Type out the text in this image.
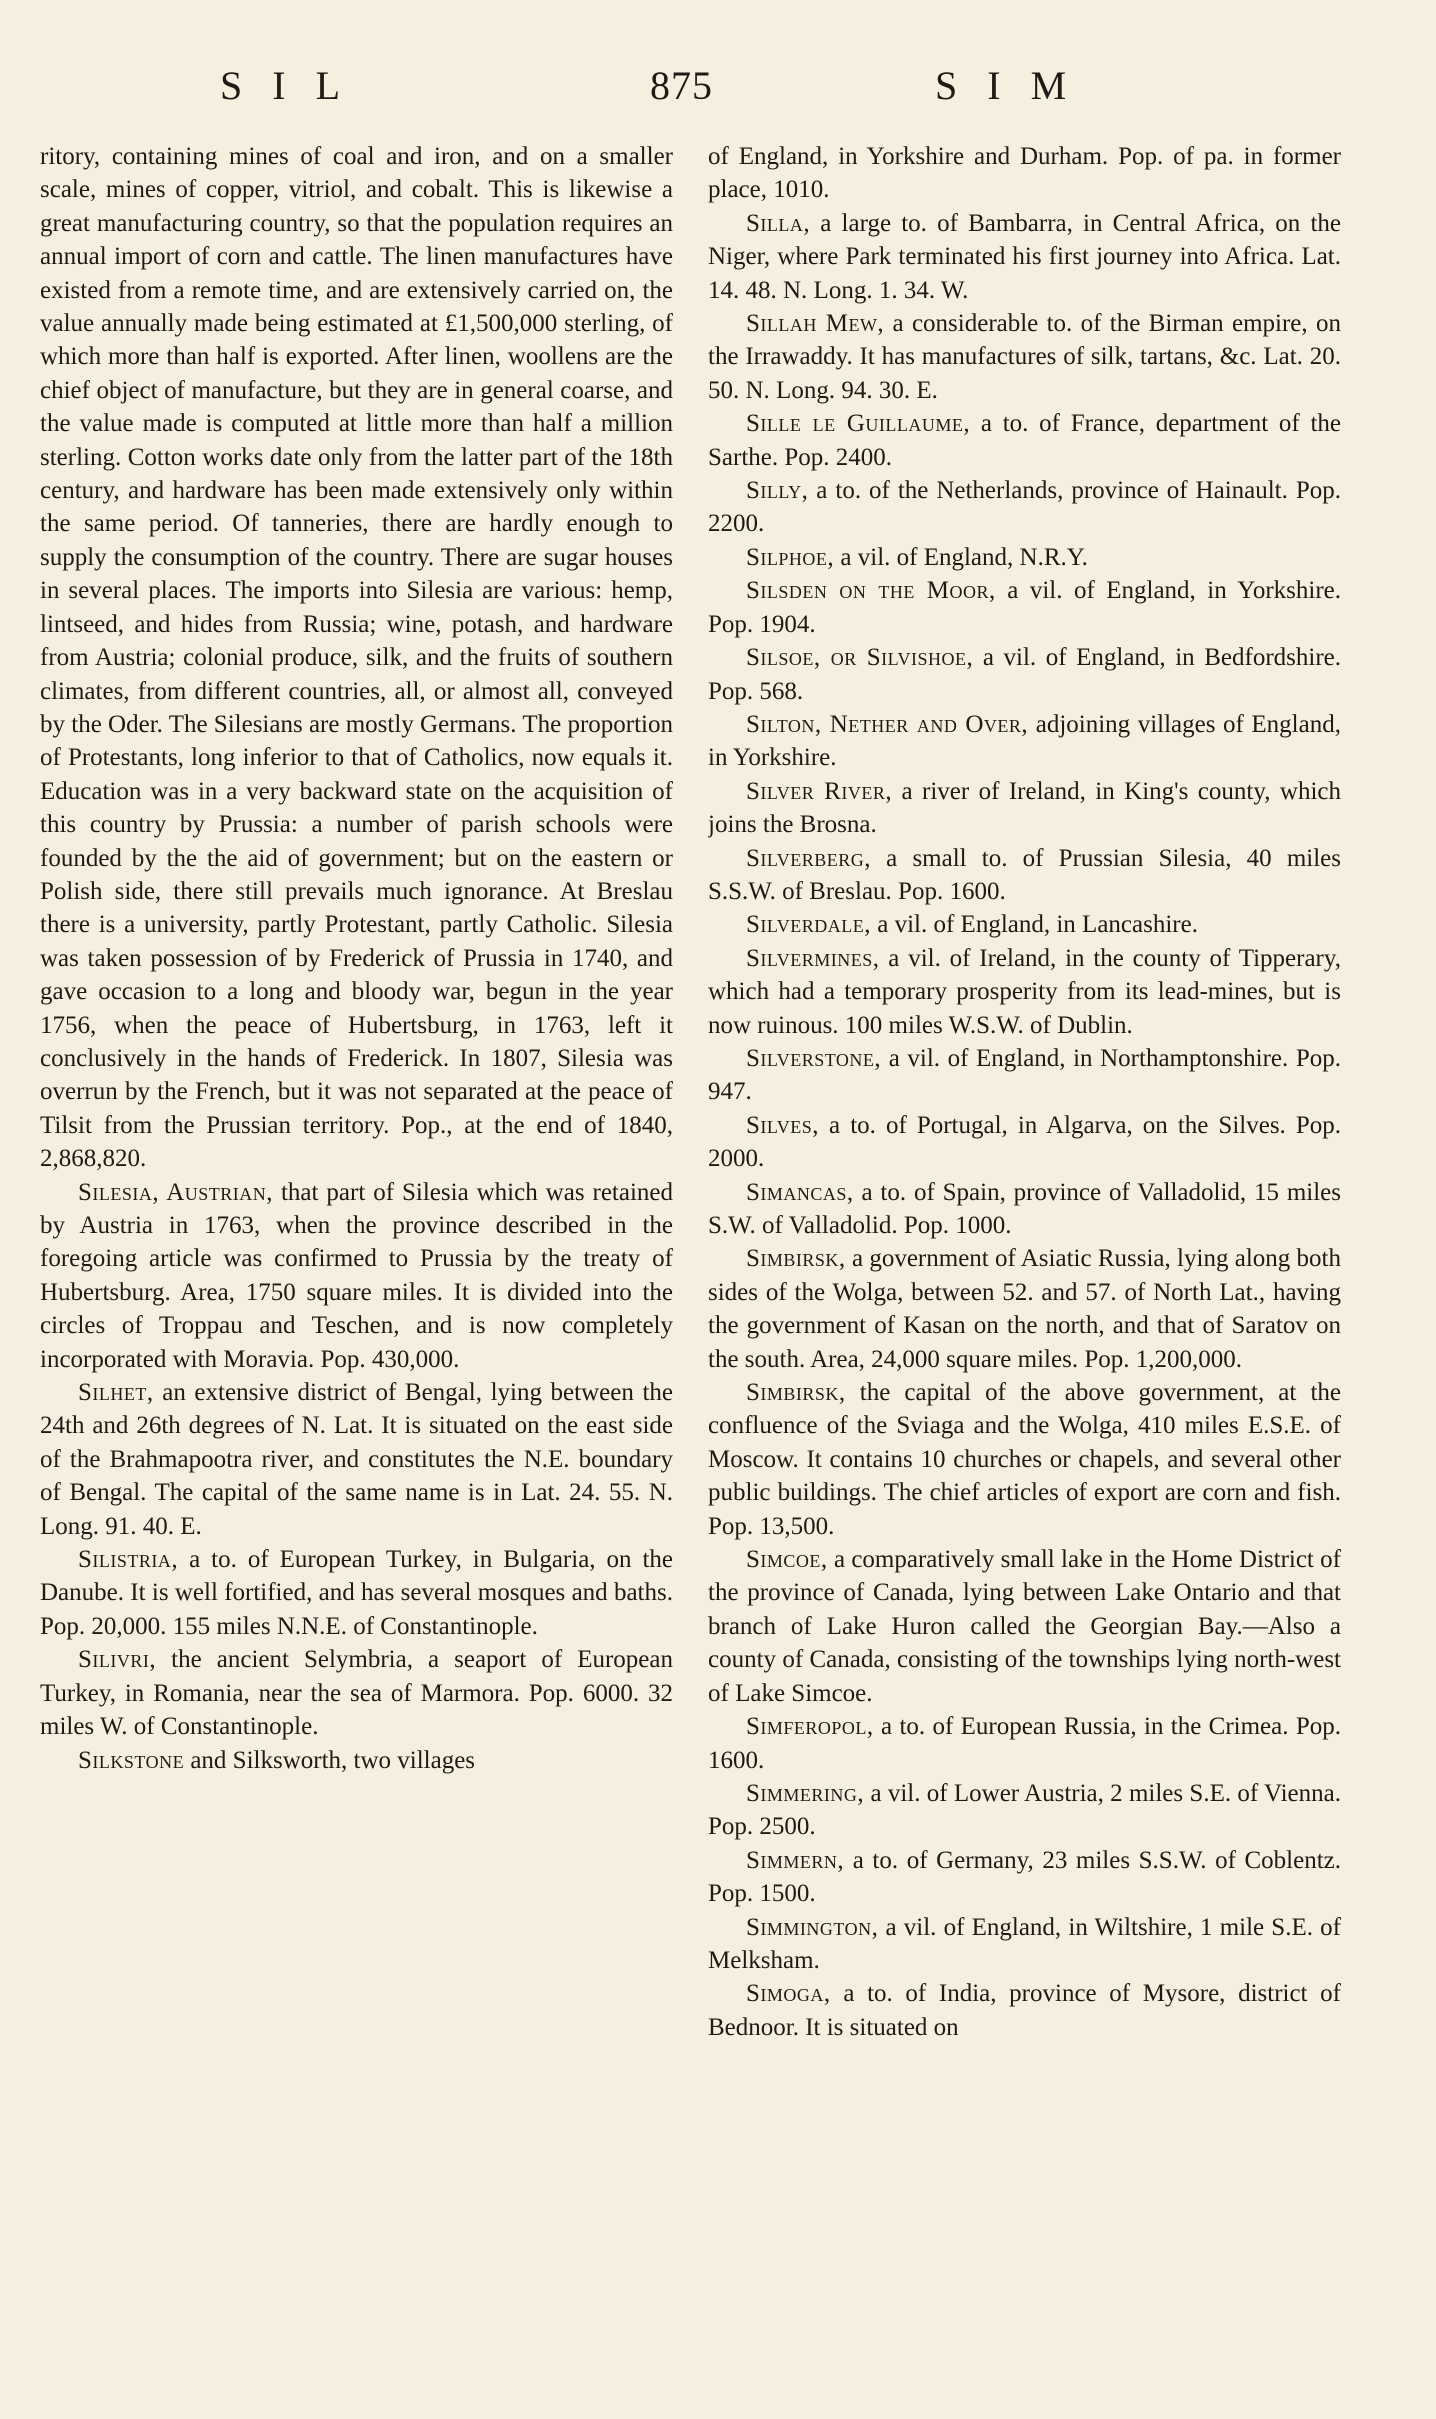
SIL	875	SIM

ritory, containing mines of coal and iron, and on a smaller scale, mines of copper, vitriol, and cobalt. This is likewise a great manufacturing country, so that the population requires an annual import of corn and cattle. The linen manufactures have existed from a remote time, and are extensively carried on, the value annually made being estimated at £1,500,000 sterling, of which more than half is exported. After linen, woollens are the chief object of manufacture, but they are in general coarse, and the value made is computed at little more than half a million sterling. Cotton works date only from the latter part of the 18th century, and hardware has been made extensively only within the same period. Of tanneries, there are hardly enough to supply the consumption of the country. There are sugar houses in several places. The imports into Silesia are various: hemp, lintseed, and hides from Russia; wine, potash, and hardware from Austria; colonial produce, silk, and the fruits of southern climates, from different countries, all, or almost all, conveyed by the Oder. The Silesians are mostly Germans. The proportion of Protestants, long inferior to that of Catholics, now equals it. Education was in a very backward state on the acquisition of this country by Prussia: a number of parish schools were founded by the the aid of government; but on the eastern or Polish side, there still prevails much ignorance. At Breslau there is a university, partly Protestant, partly Catholic. Silesia was taken possession of by Frederick of Prussia in 1740, and gave occasion to a long and bloody war, begun in the year 1756, when the peace of Hubertsburg, in 1763, left it conclusively in the hands of Frederick. In 1807, Silesia was overrun by the French, but it was not separated at the peace of Tilsit from the Prussian territory. Pop., at the end of 1840, 2,868,820.

Silesia, Austrian, that part of Silesia which was retained by Austria in 1763, when the province described in the foregoing article was confirmed to Prussia by the treaty of Hubertsburg. Area, 1750 square miles. It is divided into the circles of Troppau and Teschen, and is now completely incorporated with Moravia. Pop. 430,000.

Silhet, an extensive district of Bengal, lying between the 24th and 26th degrees of N. Lat. It is situated on the east side of the Brahmapootra river, and constitutes the N.E. boundary of Bengal. The capital of the same name is in Lat. 24. 55. N. Long. 91. 40. E.

Silistria, a to. of European Turkey, in Bulgaria, on the Danube. It is well fortified, and has several mosques and baths. Pop. 20,000. 155 miles N.N.E. of Constantinople.

Silivri, the ancient Selymbria, a seaport of European Turkey, in Romania, near the sea of Marmora. Pop. 6000. 32 miles W. of Constantinople.

Silkstone and Silksworth, two villages

of England, in Yorkshire and Durham. Pop. of pa. in former place, 1010.

Silla, a large to. of Bambarra, in Central Africa, on the Niger, where Park terminated his first journey into Africa. Lat. 14. 48. N. Long. 1. 34. W.

Sillah Mew, a considerable to. of the Birman empire, on the Irrawaddy. It has manufactures of silk, tartans, &c. Lat. 20. 50. N. Long. 94. 30. E.

Sille le Guillaume, a to. of France, department of the Sarthe. Pop. 2400.

Silly, a to. of the Netherlands, province of Hainault. Pop. 2200.

Silphoe, a vil. of England, N.R.Y.

Silsden on the Moor, a vil. of England, in Yorkshire. Pop. 1904.

Silsoe, or Silvishoe, a vil. of England, in Bedfordshire. Pop. 568.

Silton, Nether and Over, adjoining villages of England, in Yorkshire.

Silver River, a river of Ireland, in King's county, which joins the Brosna.

Silverberg, a small to. of Prussian Silesia, 40 miles S.S.W. of Breslau. Pop. 1600.

Silverdale, a vil. of England, in Lancashire.

Silvermines, a vil. of Ireland, in the county of Tipperary, which had a temporary prosperity from its lead-mines, but is now ruinous. 100 miles W.S.W. of Dublin.

Silverstone, a vil. of England, in Northamptonshire. Pop. 947.

Silves, a to. of Portugal, in Algarva, on the Silves. Pop. 2000.

Simancas, a to. of Spain, province of Valladolid, 15 miles S.W. of Valladolid. Pop. 1000.

Simbirsk, a government of Asiatic Russia, lying along both sides of the Wolga, between 52. and 57. of North Lat., having the government of Kasan on the north, and that of Saratov on the south. Area, 24,000 square miles. Pop. 1,200,000.

Simbirsk, the capital of the above government, at the confluence of the Sviaga and the Wolga, 410 miles E.S.E. of Moscow. It contains 10 churches or chapels, and several other public buildings. The chief articles of export are corn and fish. Pop. 13,500.

Simcoe, a comparatively small lake in the Home District of the province of Canada, lying between Lake Ontario and that branch of Lake Huron called the Georgian Bay.—Also a county of Canada, consisting of the townships lying north-west of Lake Simcoe.

Simferopol, a to. of European Russia, in the Crimea. Pop. 1600.

Simmering, a vil. of Lower Austria, 2 miles S.E. of Vienna. Pop. 2500.

Simmern, a to. of Germany, 23 miles S.S.W. of Coblentz. Pop. 1500.

Simmington, a vil. of England, in Wiltshire, 1 mile S.E. of Melksham.

Simoga, a to. of India, province of Mysore, district of Bednoor. It is situated on
